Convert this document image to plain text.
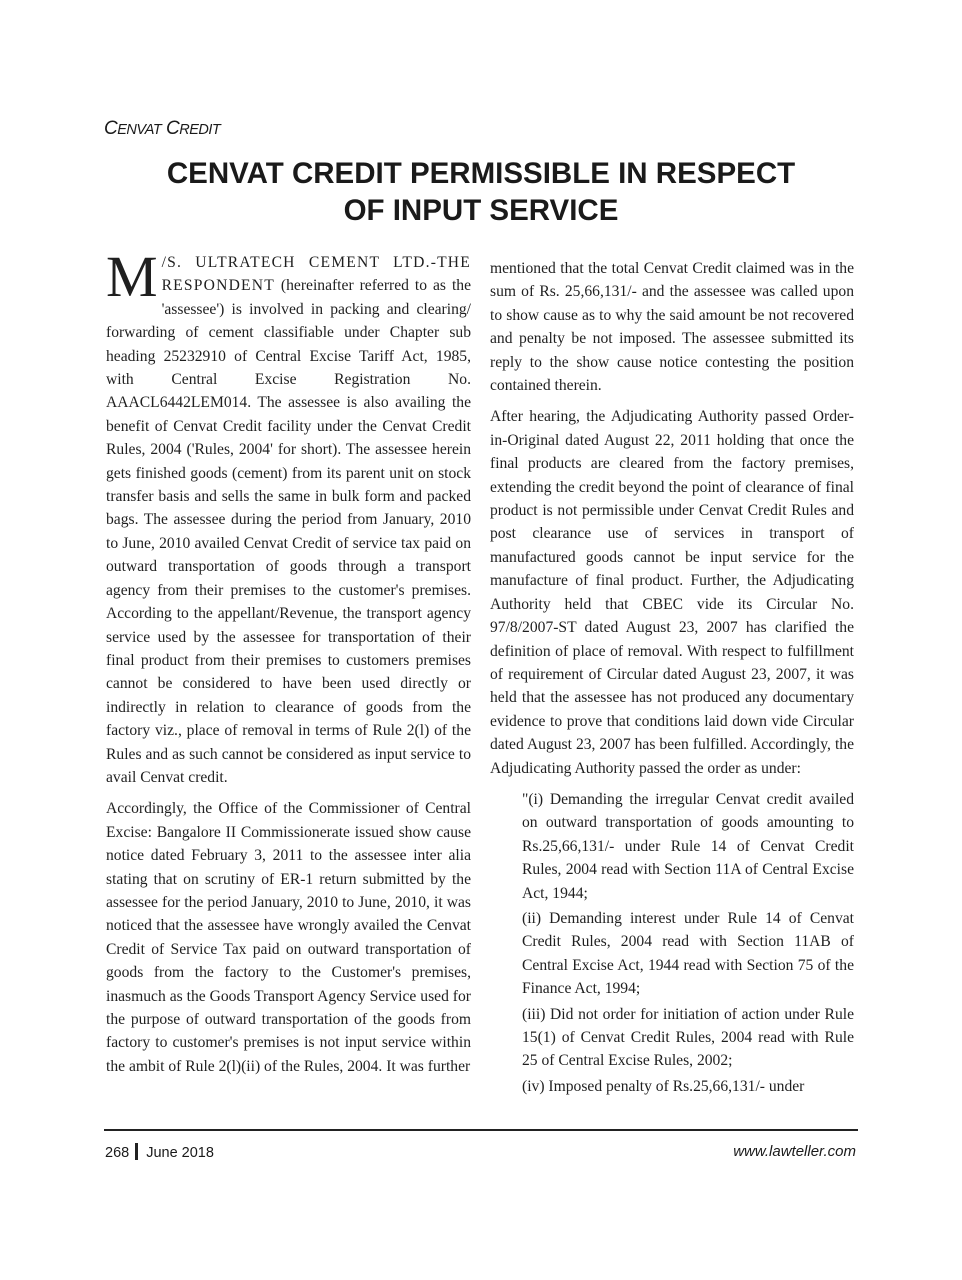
CENVAT CREDIT
CENVAT CREDIT PERMISSIBLE IN RESPECT
OF INPUT SERVICE

M /S. ULTRATECH CEMENT LTD.-THE RESPONDENT (hereinafter referred to as the 'assessee') is involved in packing and clearing/ forwarding of cement classifiable under Chapter sub heading 25232910 of Central Excise Tariff Act, 1985, with Central Excise Registration No. AAACL6442LEM014. The assessee is also availing the benefit of Cenvat Credit facility under the Cenvat Credit Rules, 2004 ('Rules, 2004' for short). The assessee herein gets finished goods (cement) from its parent unit on stock transfer basis and sells the same in bulk form and packed bags. The assessee during the period from January, 2010 to June, 2010 availed Cenvat Credit of service tax paid on outward transportation of goods through a transport agency from their premises to the customer's premises. According to the appellant/Revenue, the transport agency service used by the assessee for transportation of their final product from their premises to customers premises cannot be considered to have been used directly or indirectly in relation to clearance of goods from the factory viz., place of removal in terms of Rule 2(l) of the Rules and as such cannot be considered as input service to avail Cenvat credit.

Accordingly, the Office of the Commissioner of Central Excise: Bangalore II Commissionerate issued show cause notice dated February 3, 2011 to the assessee inter alia stating that on scrutiny of ER-1 return submitted by the assessee for the period January, 2010 to June, 2010, it was noticed that the assessee have wrongly availed the Cenvat Credit of Service Tax paid on outward transportation of goods from the factory to the Customer's premises, inasmuch as the Goods Transport Agency Service used for the purpose of outward transportation of the goods from factory to customer's premises is not input service within the ambit of Rule 2(l)(ii) of the Rules, 2004. It was further

mentioned that the total Cenvat Credit claimed was in the sum of Rs. 25,66,131/- and the assessee was called upon to show cause as to why the said amount be not recovered and penalty be not imposed. The assessee submitted its reply to the show cause notice contesting the position contained therein.

After hearing, the Adjudicating Authority passed Order-in-Original dated August 22, 2011 holding that once the final products are cleared from the factory premises, extending the credit beyond the point of clearance of final product is not permissible under Cenvat Credit Rules and post clearance use of services in transport of manufactured goods cannot be input service for the manufacture of final product. Further, the Adjudicating Authority held that CBEC vide its Circular No. 97/8/2007-ST dated August 23, 2007 has clarified the definition of place of removal. With respect to fulfillment of requirement of Circular dated August 23, 2007, it was held that the assessee has not produced any documentary evidence to prove that conditions laid down vide Circular dated August 23, 2007 has been fulfilled. Accordingly, the Adjudicating Authority passed the order as under:

"(i) Demanding the irregular Cenvat credit availed on outward transportation of goods amounting to Rs.25,66,131/- under Rule 14 of Cenvat Credit Rules, 2004 read with Section 11A of Central Excise Act, 1944;

(ii) Demanding interest under Rule 14 of Cenvat Credit Rules, 2004 read with Section 11AB of Central Excise Act, 1944 read with Section 75 of the Finance Act, 1994;

(iii) Did not order for initiation of action under Rule 15(1) of Cenvat Credit Rules, 2004 read with Rule 25 of Central Excise Rules, 2002;

(iv) Imposed penalty of Rs.25,66,131/- under

268 June 2018	www.lawteller.com
